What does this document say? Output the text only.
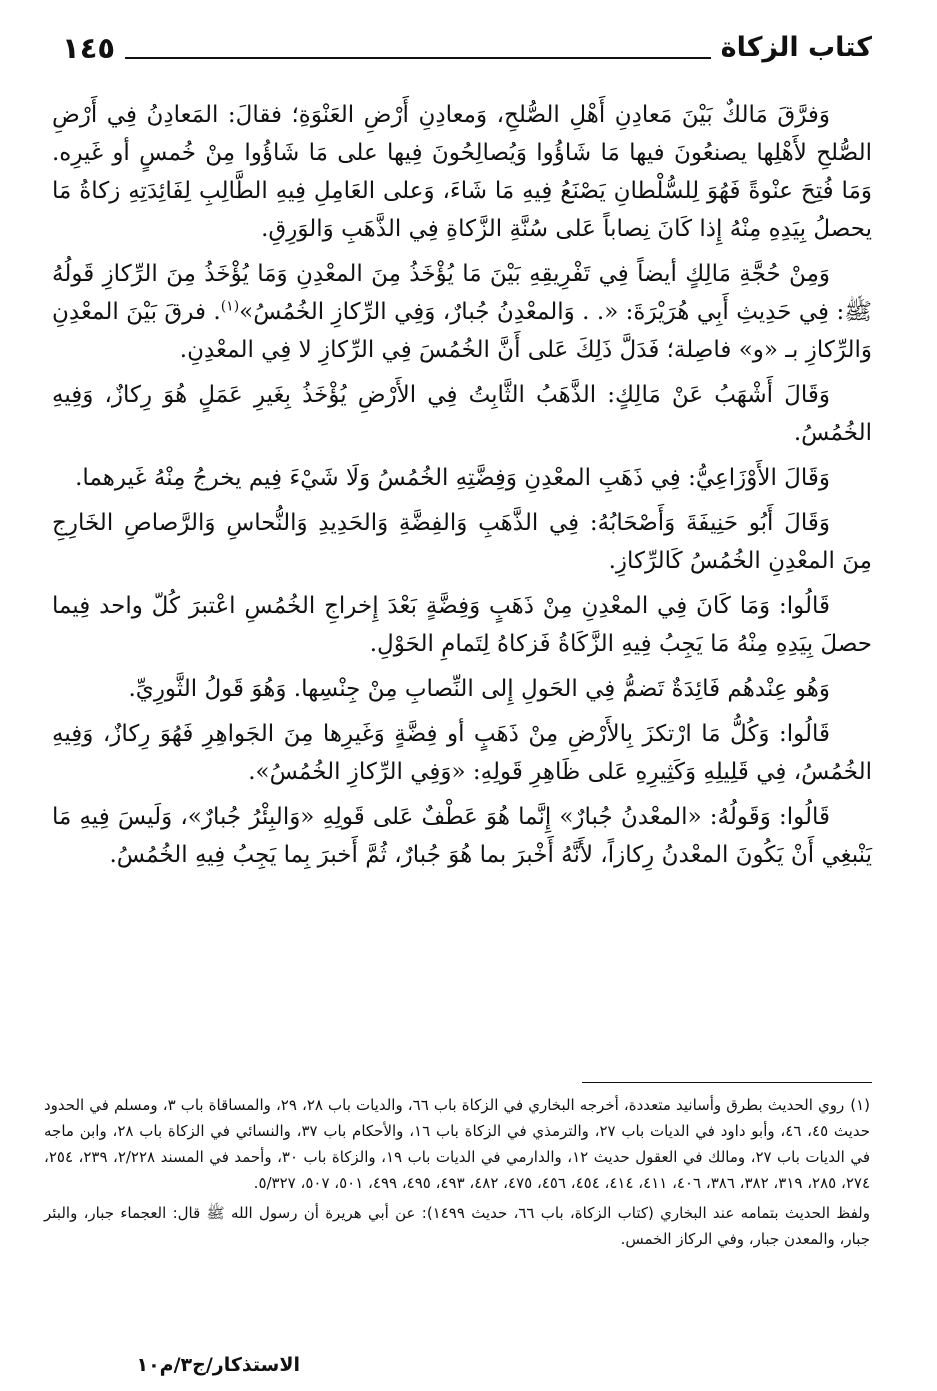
كتاب الزكاة
١٤٥

وَفرَّقَ مَالكٌ بَيْنَ مَعادِنِ أَهْلِ الصُّلحِ، وَمعادِنِ أَرْضِ العَنْوَةِ؛ فقالَ: المَعادِنُ فِي أَرْضِ الصُّلحِ لأَهْلِها يصنعُونَ فيها مَا شَاؤُوا وَيُصالِحُونَ فِيها على مَا شَاؤُوا مِنْ خُمسٍ أو غَيرِه. وَمَا فُتِحَ عنْوةً فَهُوَ لِلسُّلْطانِ يَصْنَعُ فِيهِ مَا شَاءَ، وَعلى العَامِلِ فِيهِ الطَّالِبِ لِفَائِدَتِهِ زكاةُ مَا يحصلُ بِيَدِهِ مِنْهُ إِذا كَانَ نِصاباً عَلى سُنَّةِ الزَّكاةِ فِي الذَّهَبِ وَالوَرِقِ.

وَمِنْ حُجَّةِ مَالِكٍ أيضاً فِي تَفْرِيقِهِ بَيْنَ مَا يُؤْخَذُ مِنَ المعْدِنِ وَمَا يُؤْخَذُ مِنَ الرِّكازِ قَولُهُ ﷺ: فِي حَدِيثِ أَبِي هُرَيْرَةَ: «. . وَالمعْدِنُ جُبارٌ، وَفِي الرِّكازِ الخُمُسُ»$^{(١)}$. فرقَ بَيْنَ المعْدِنِ وَالرِّكازِ بـ «و» فاصِلة؛ فَدَلَّ ذَلِكَ عَلى أَنَّ الخُمُسَ فِي الرِّكازِ لا فِي المعْدِنِ.

وَقَالَ أَشْهَبُ عَنْ مَالِكٍ: الذَّهَبُ الثَّابِتُ فِي الأَرْضِ يُؤْخَذُ بِغَيرِ عَمَلٍ هُوَ رِكازٌ، وَفِيهِ الخُمُسُ.

وَقَالَ الأَوْزَاعِيُّ: فِي ذَهَبِ المعْدِنِ وَفِضَّتِهِ الخُمُسُ وَلَا شَيْءَ فِيم يخرجُ مِنْهُ غَيرهما.

وَقَالَ أَبُو حَنِيفَةَ وَأَصْحَابُهُ: فِي الذَّهَبِ وَالفِضَّةِ وَالحَدِيدِ وَالنُّحاسِ وَالرَّصاصِ الخَارِجِ مِنَ المعْدِنِ الخُمُسُ كَالرِّكازِ.

قَالُوا: وَمَا كَانَ فِي المعْدِنِ مِنْ ذَهَبٍ وَفِضَّةٍ بَعْدَ إِخراجِ الخُمُسِ اعْتبرَ كُلّ واحد فِيما حصلَ بِيَدِهِ مِنْهُ مَا يَجِبُ فِيهِ الزَّكَاةُ فَزكاهُ لِتَمامِ الحَوْلِ.

وَهُو عِنْدهُم فَائِدَةٌ تَضمُّ فِي الحَولِ إِلى النِّصابِ مِنْ جِنْسِها. وَهُوَ قَولُ الثَّورِيِّ.

قَالُوا: وَكُلُّ مَا ارْتكزَ بِالأَرْضِ مِنْ ذَهَبٍ أو فِضَّةٍ وَغَيرِها مِنَ الجَواهِرِ فَهُوَ رِكازٌ، وَفِيهِ الخُمُسُ، فِي قَلِيلِهِ وَكَثِيرِهِ عَلى ظَاهِرِ قَولِهِ: «وَفِي الرِّكازِ الخُمُسُ».

قَالُوا: وَقَولُهُ: «المعْدنُ جُبارٌ» إِنَّما هُوَ عَطْفٌ عَلى قَولِهِ «وَالبِئْرُ جُبارٌ»، وَلَيسَ فِيهِ مَا يَنْبغِي أَنْ يَكُونَ المعْدنُ رِكازاً، لأَنَّهُ أَخْبرَ بما هُوَ جُبارٌ، ثُمَّ أَخبرَ بِما يَجِبُ فِيهِ الخُمُسُ.

(١)روي الحديث بطرق وأسانيد متعددة، أخرجه البخاري في الزكاة باب ٦٦، والديات باب ٢٨، ٢٩، والمساقاة باب ٣، ومسلم في الحدود حديث ٤٥، ٤٦، وأبو داود في الديات باب ٢٧، والترمذي في الزكاة باب ١٦، والأحكام باب ٣٧، والنسائي في الزكاة باب ٢٨، وابن ماجه في الديات باب ٢٧، ومالك في العقول حديث ١٢، والدارمي في الديات باب ١٩، والزكاة باب ٣٠، وأحمد في المسند ٢/٢٢٨، ٢٣٩، ٢٥٤، ٢٧٤، ٢٨٥، ٣١٩، ٣٨٢، ٣٨٦، ٤٠٦، ٤١١، ٤١٤، ٤٥٤، ٤٥٦، ٤٧٥، ٤٨٢، ٤٩٣، ٤٩٥، ٤٩٩، ٥٠١، ٥٠٧، ٥/٣٢٧.

ولفظ الحديث بتمامه عند البخاري (كتاب الزكاة، باب ٦٦، حديث ١٤٩٩): عن أبي هريرة أن رسول الله ﷺ قال: العجماء جبار، والبئر جبار، والمعدن جبار، وفي الركاز الخمس.

الاستذكار/ج٣/م١٠
